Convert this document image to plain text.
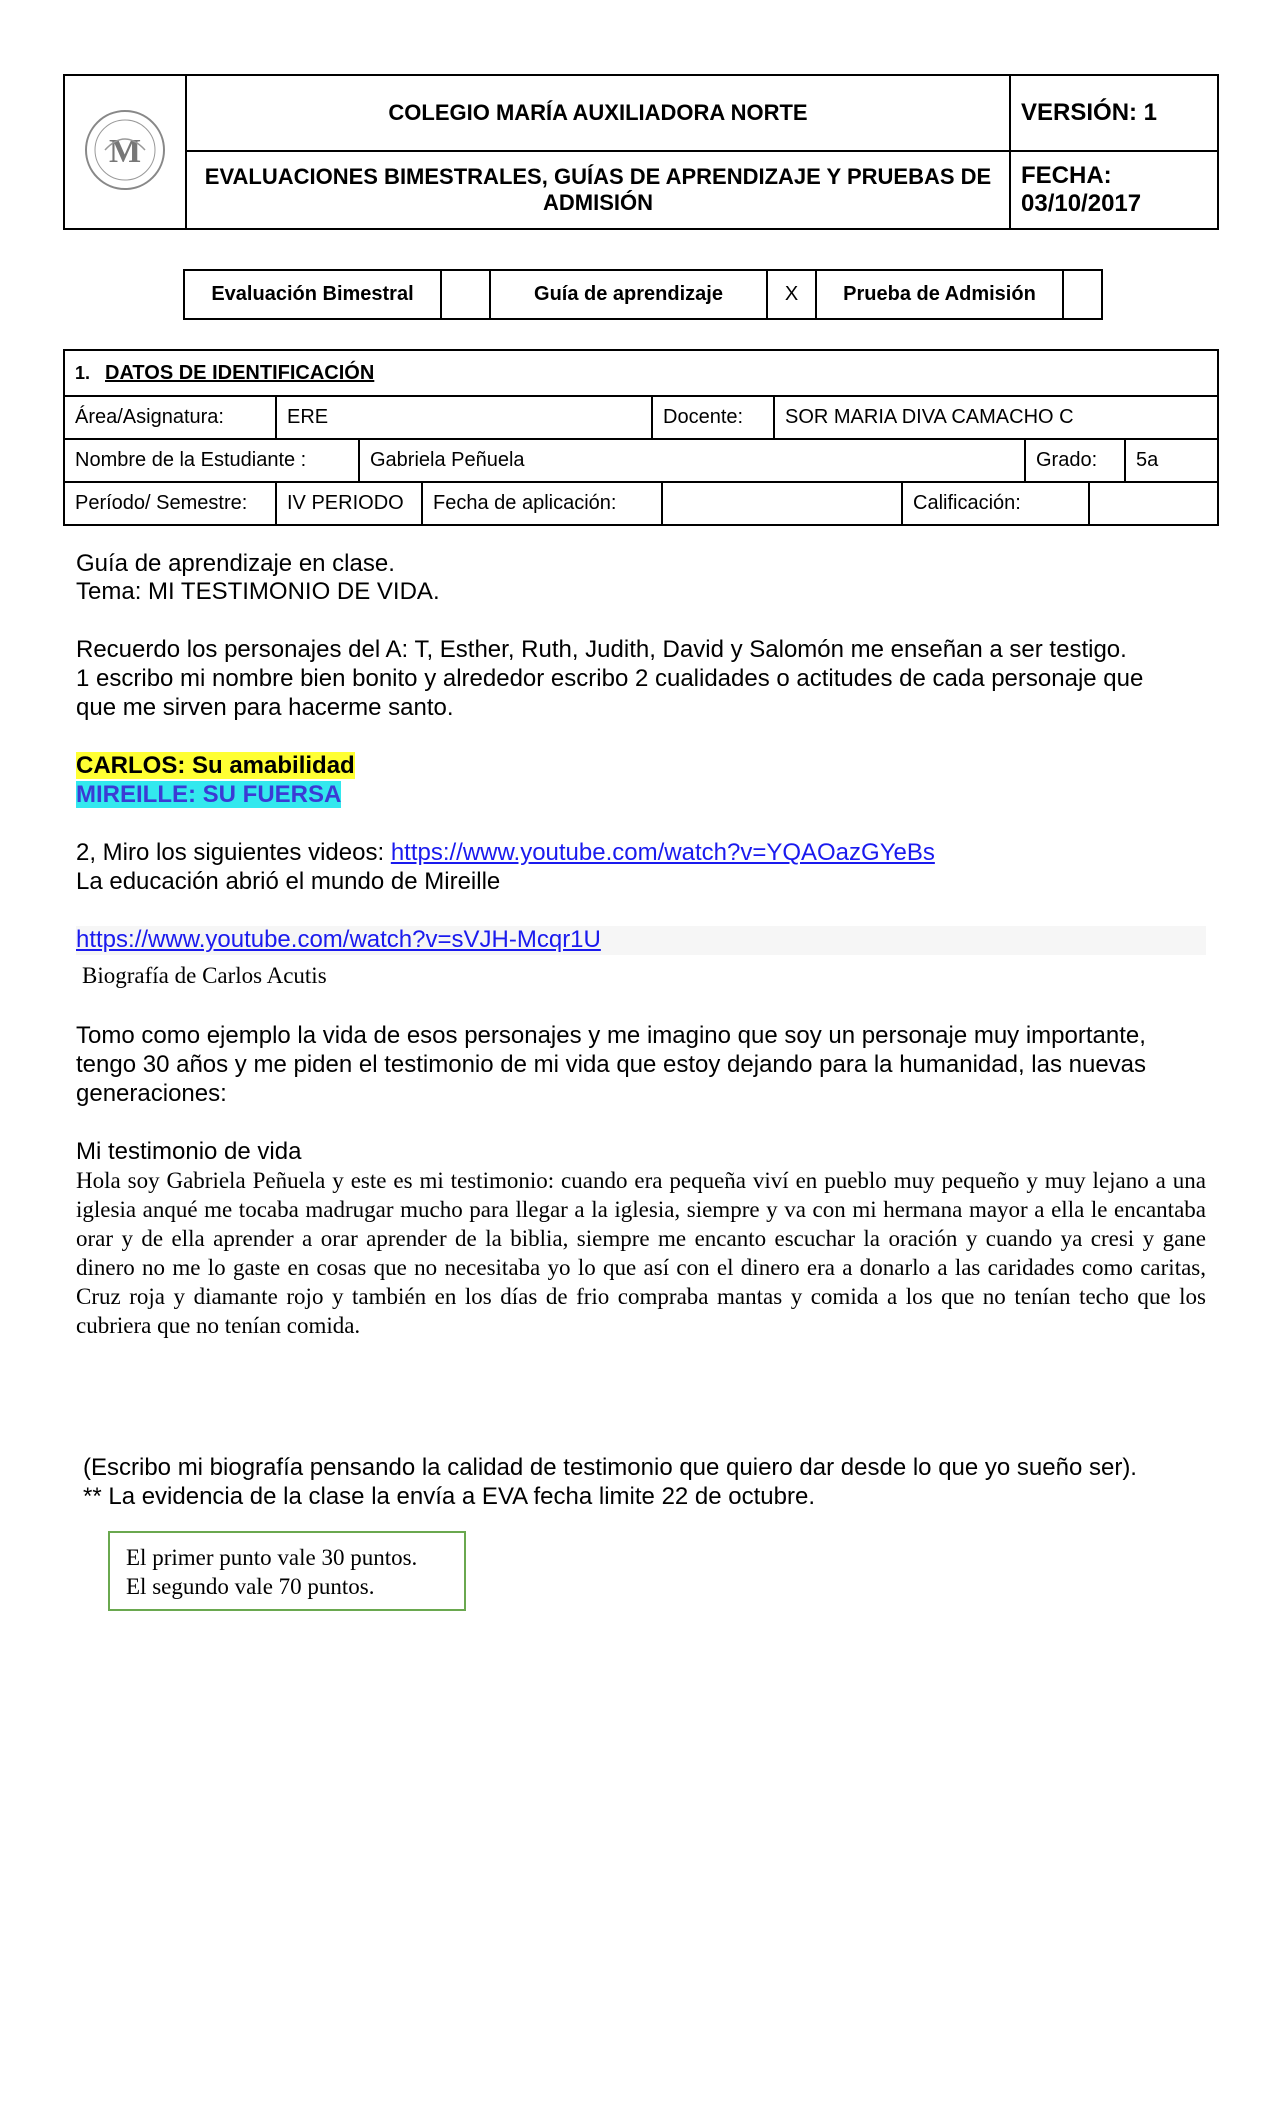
M	COLEGIO MARÍA AUXILIADORA NORTE	VERSIÓN: 1
	EVALUACIONES BIMESTRALES, GUÍAS DE APRENDIZAJE Y PRUEBAS DE ADMISIÓN	FECHA:
03/10/2017
Evaluación Bimestral		Guía de aprendizaje	X	Prueba de Admisión	
1.   DATOS DE IDENTIFICACIÓN

Área/Asignatura:	ERE	Docente:	SOR MARIA DIVA CAMACHO C

Nombre de la Estudiante :	Gabriela Peñuela	Grado:	5a

Período/ Semestre:	IV PERIODO	Fecha de aplicación:		Calificación:	
Guía de aprendizaje en clase.
Tema: MI TESTIMONIO DE VIDA.
Recuerdo los personajes del A: T, Esther, Ruth, Judith, David y Salomón me enseñan a ser testigo.
1 escribo mi nombre bien bonito y alrededor escribo 2 cualidades o actitudes de cada personaje que
que me sirven para hacerme santo.
CARLOS: Su amabilidad
MIREILLE: SU FUERSA
2, Miro los siguientes videos: https://www.youtube.com/watch?v=YQAOazGYeBs
La educación abrió el mundo de Mireille
https://www.youtube.com/watch?v=sVJH-Mcqr1U
Biografía de Carlos Acutis
Tomo como ejemplo la vida de esos personajes y me imagino que soy un personaje muy importante,
tengo 30 años y me piden el testimonio de mi vida que estoy dejando para la humanidad, las nuevas
generaciones:
Mi testimonio de vida
Hola soy Gabriela Peñuela y este es mi testimonio: cuando era pequeña viví en pueblo muy pequeño y muy lejano a una iglesia anqué me tocaba madrugar mucho para llegar a la iglesia, siempre y va con mi hermana mayor a ella le encantaba orar y de ella aprender a orar aprender de la biblia, siempre me encanto escuchar la oración y cuando ya cresi y gane dinero no me lo gaste en cosas que no necesitaba yo lo que así con el dinero era a donarlo a las caridades como caritas, Cruz roja y diamante rojo y también en los días de frio compraba mantas y comida a los que no tenían techo que los cubriera que no tenían comida.
(Escribo mi biografía pensando la calidad de testimonio que quiero dar desde lo que yo sueño ser).
** La evidencia de la clase la envía a EVA fecha limite 22 de octubre.
El primer punto vale 30 puntos.
El segundo vale 70 puntos.
